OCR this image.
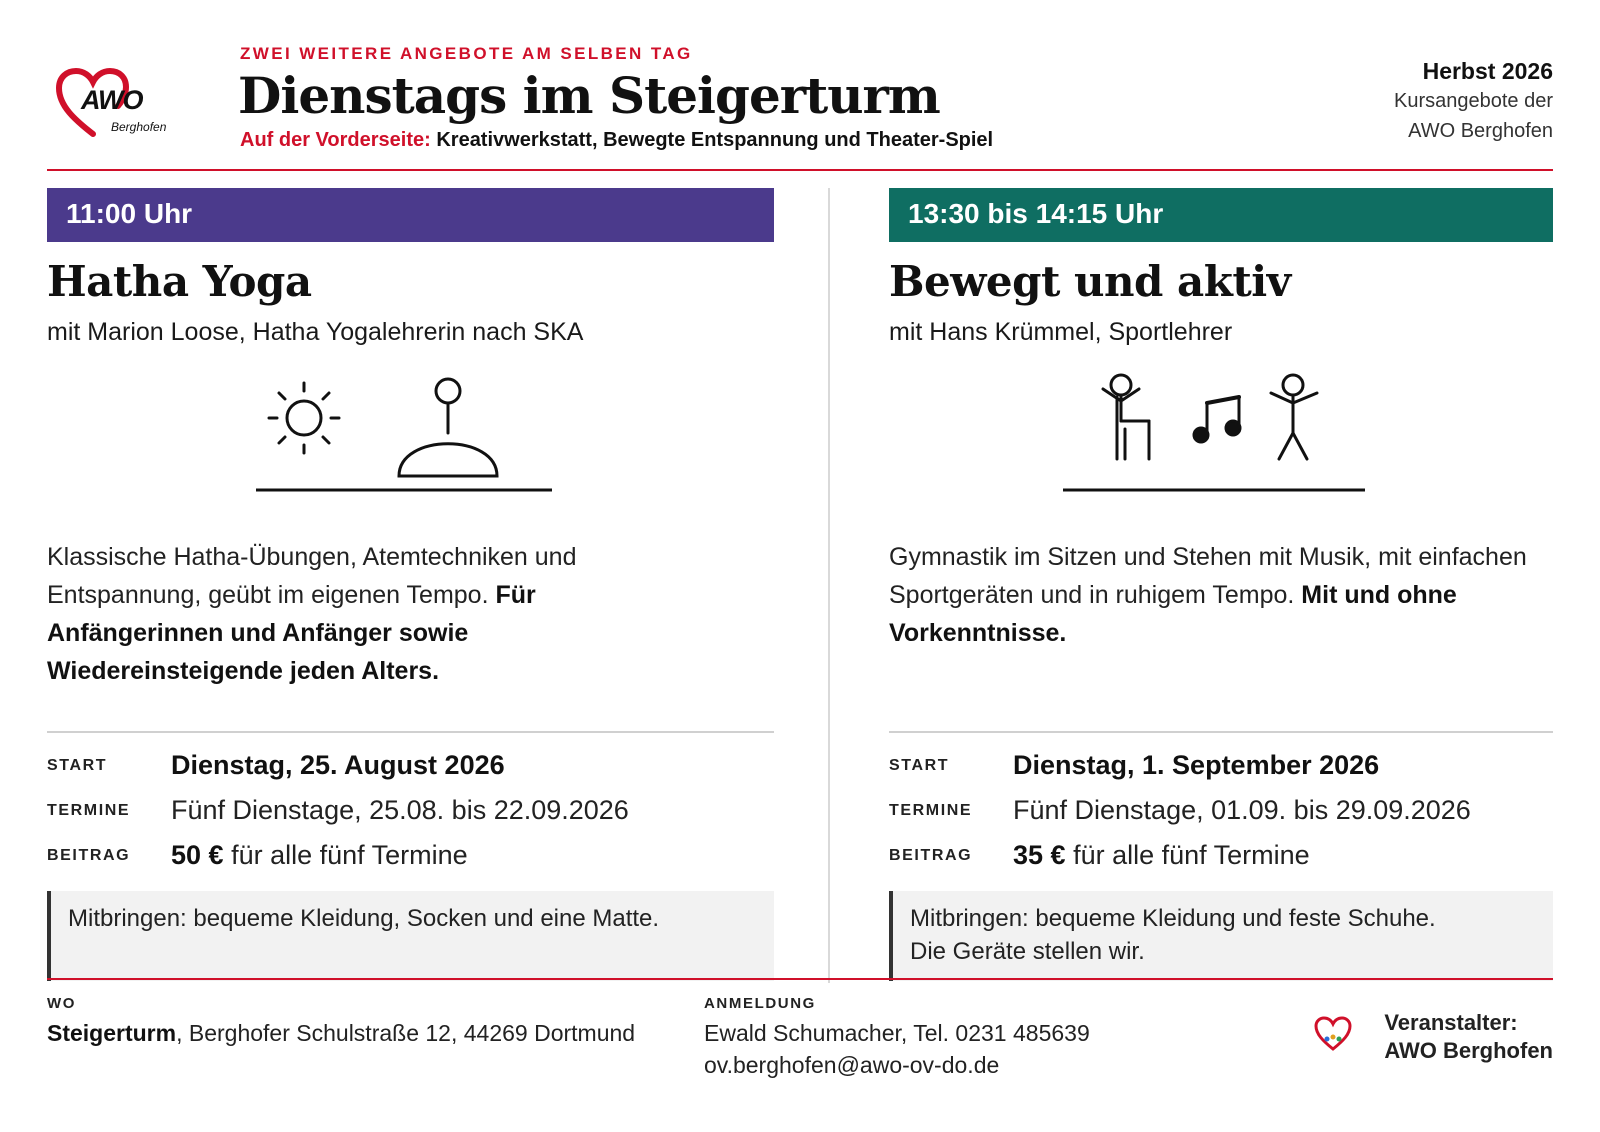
AWO
Berghofen
ZWEI WEITERE ANGEBOTE AM SELBEN TAG
Dienstags im Steigerturm
Auf der Vorderseite: Kreativwerkstatt, Bewegte Entspannung und Theater-Spiel
Herbst 2026
Kursangebote der
AWO Berghofen
11:00 Uhr
Hatha Yoga
mit Marion Loose, Hatha Yogalehrerin nach SKA
Klassische Hatha-Übungen, Atemtechniken und Entspannung, geübt im eigenen Tempo. Für Anfängerinnen und Anfänger sowie Wiedereinsteigende jeden Alters.
START Dienstag, 25. August 2026
TERMINE Fünf Dienstage, 25.08. bis 22.09.2026
BEITRAG 50 € für alle fünf Termine
Mitbringen: bequeme Kleidung, Socken und eine Matte.
13:30 bis 14:15 Uhr
Bewegt und aktiv
mit Hans Krümmel, Sportlehrer
Gymnastik im Sitzen und Stehen mit Musik, mit einfachen Sportgeräten und in ruhigem Tempo. Mit und ohne Vorkenntnisse.
START Dienstag, 1. September 2026
TERMINE Fünf Dienstage, 01.09. bis 29.09.2026
BEITRAG 35 € für alle fünf Termine
Mitbringen: bequeme Kleidung und feste Schuhe.
Die Geräte stellen wir.
WO
Steigerturm, Berghofer Schulstraße 12, 44269 Dortmund
ANMELDUNG
Ewald Schumacher, Tel. 0231 485639
ov.berghofen@awo-ov-do.de
Veranstalter:
AWO Berghofen
